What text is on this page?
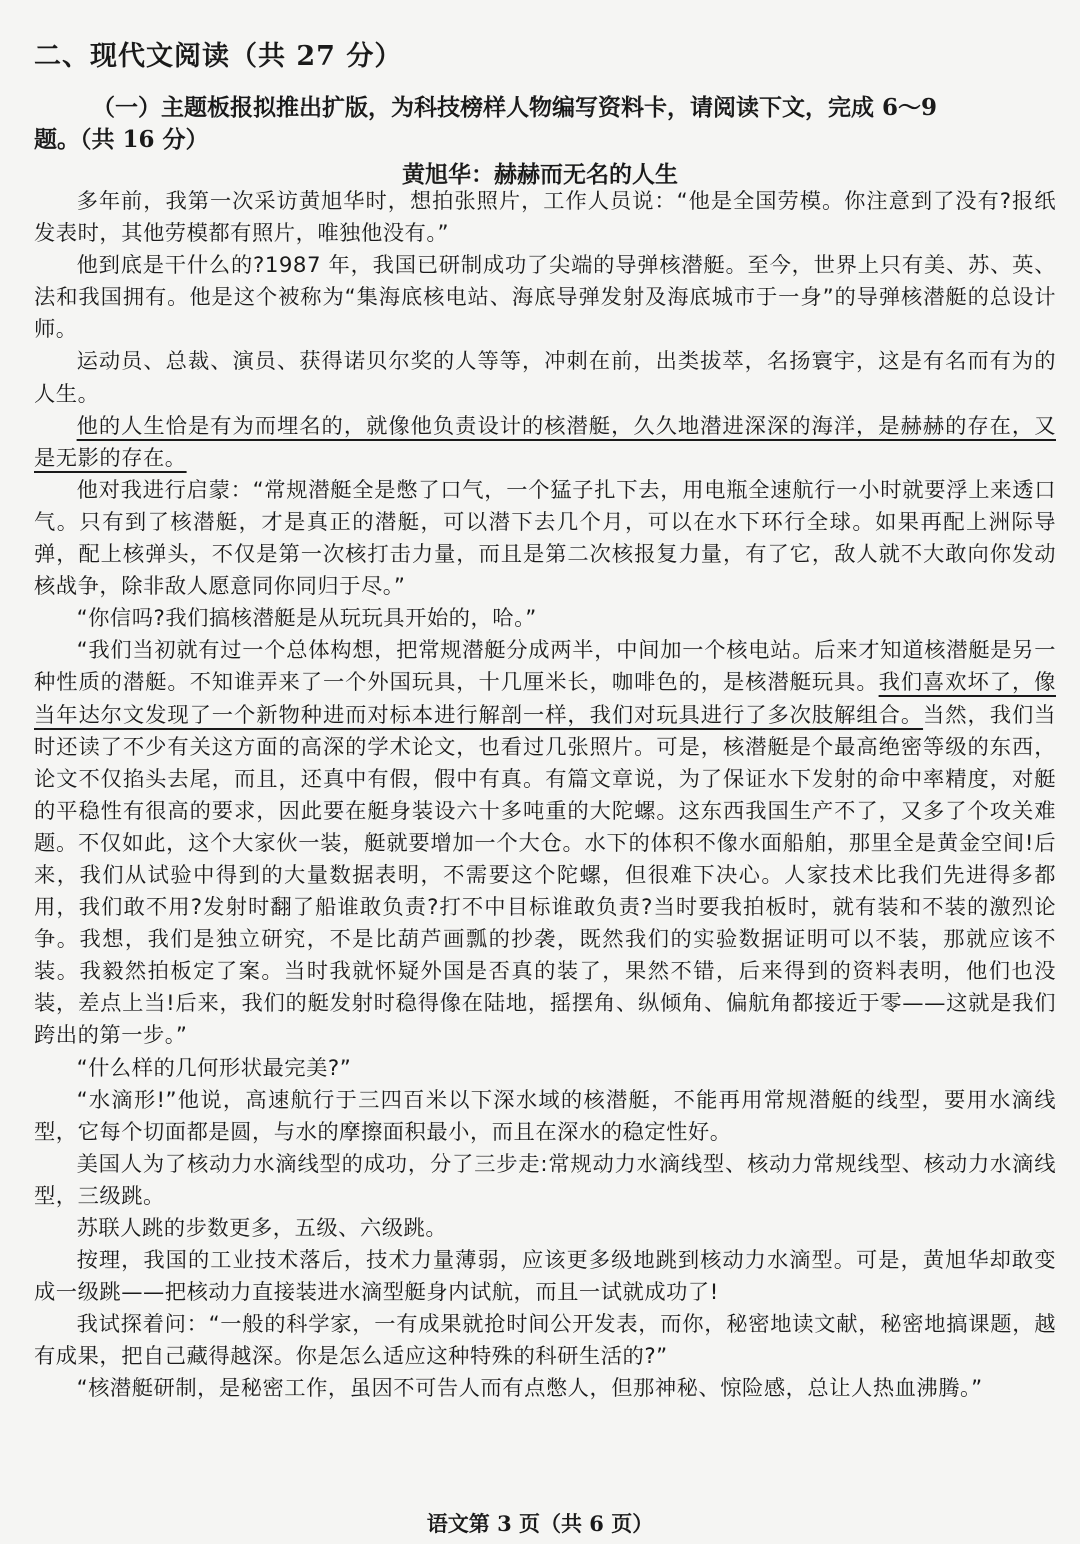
二、现代文阅读（共 27 分）
（一）主题板报拟推出扩版，为科技榜样人物编写资料卡，请阅读下文，完成 6～9
题。（共 16 分）
黄旭华：赫赫而无名的人生

多年前，我第一次采访黄旭华时，想拍张照片，工作人员说：“他是全国劳模。你注意到了没有?报纸发表时，其他劳模都有照片，唯独他没有。”

他到底是干什么的?1987 年，我国已研制成功了尖端的导弹核潜艇。至今，世界上只有美、苏、英、法和我国拥有。他是这个被称为“集海底核电站、海底导弹发射及海底城市于一身”的导弹核潜艇的总设计师。

运动员、总裁、演员、获得诺贝尔奖的人等等，冲刺在前，出类拔萃，名扬寰宇，这是有名而有为的人生。

他的人生恰是有为而埋名的，就像他负责设计的核潜艇，久久地潜进深深的海洋，是赫赫的存在，又是无影的存在。

他对我进行启蒙：“常规潜艇全是憋了口气，一个猛子扎下去，用电瓶全速航行一小时就要浮上来透口气。只有到了核潜艇，才是真正的潜艇，可以潜下去几个月，可以在水下环行全球。如果再配上洲际导弹，配上核弹头，不仅是第一次核打击力量，而且是第二次核报复力量，有了它，敌人就不大敢向你发动核战争，除非敌人愿意同你同归于尽。”

“你信吗?我们搞核潜艇是从玩玩具开始的，哈。”

“我们当初就有过一个总体构想，把常规潜艇分成两半，中间加一个核电站。后来才知道核潜艇是另一种性质的潜艇。不知谁弄来了一个外国玩具，十几厘米长，咖啡色的，是核潜艇玩具。我们喜欢坏了，像当年达尔文发现了一个新物种进而对标本进行解剖一样，我们对玩具进行了多次肢解组合。当然，我们当时还读了不少有关这方面的高深的学术论文，也看过几张照片。可是，核潜艇是个最高绝密等级的东西，论文不仅掐头去尾，而且，还真中有假，假中有真。有篇文章说，为了保证水下发射的命中率精度，对艇的平稳性有很高的要求，因此要在艇身装设六十多吨重的大陀螺。这东西我国生产不了，又多了个攻关难题。不仅如此，这个大家伙一装，艇就要增加一个大仓。水下的体积不像水面船舶，那里全是黄金空间!后来，我们从试验中得到的大量数据表明，不需要这个陀螺，但很难下决心。人家技术比我们先进得多都用，我们敢不用?发射时翻了船谁敢负责?打不中目标谁敢负责?当时要我拍板时，就有装和不装的激烈论争。我想，我们是独立研究，不是比葫芦画瓢的抄袭，既然我们的实验数据证明可以不装，那就应该不装。我毅然拍板定了案。当时我就怀疑外国是否真的装了，果然不错，后来得到的资料表明，他们也没装，差点上当!后来，我们的艇发射时稳得像在陆地，摇摆角、纵倾角、偏航角都接近于零——这就是我们跨出的第一步。”

“什么样的几何形状最完美?”

“水滴形!”他说，高速航行于三四百米以下深水域的核潜艇，不能再用常规潜艇的线型，要用水滴线型，它每个切面都是圆，与水的摩擦面积最小，而且在深水的稳定性好。

美国人为了核动力水滴线型的成功，分了三步走:常规动力水滴线型、核动力常规线型、核动力水滴线型，三级跳。

苏联人跳的步数更多，五级、六级跳。

按理，我国的工业技术落后，技术力量薄弱，应该更多级地跳到核动力水滴型。可是，黄旭华却敢变成一级跳——把核动力直接装进水滴型艇身内试航，而且一试就成功了!

我试探着问：“一般的科学家，一有成果就抢时间公开发表，而你，秘密地读文献，秘密地搞课题，越有成果，把自己藏得越深。你是怎么适应这种特殊的科研生活的?”

“核潜艇研制，是秘密工作，虽因不可告人而有点憋人，但那神秘、惊险感，总让人热血沸腾。”

语文第 3 页（共 6 页）
